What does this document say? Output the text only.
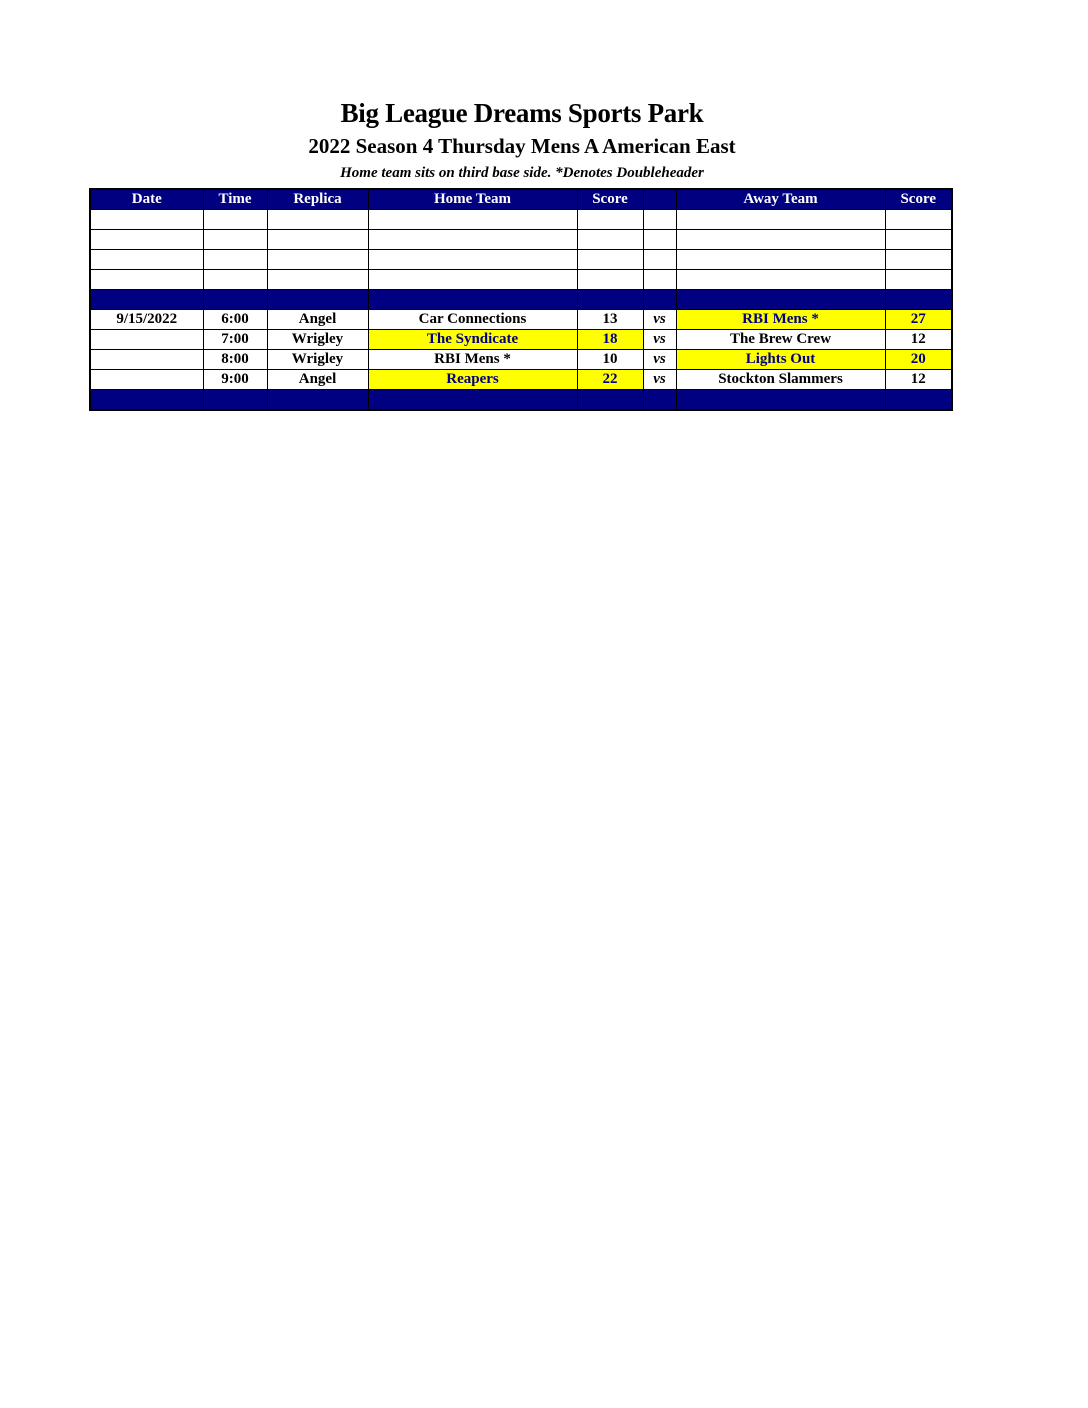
Big League Dreams Sports Park
2022 Season 4 Thursday Mens A American East
Home team sits on third base side. *Denotes Doubleheader
Date	Time	Replica	Home Team	Score		Away Team	Score

9/15/2022	6:00	Angel	Car Connections	13	vs	RBI Mens *	27
	7:00	Wrigley	The Syndicate	18	vs	The Brew Crew	12
	8:00	Wrigley	RBI Mens *	10	vs	Lights Out	20
	9:00	Angel	Reapers	22	vs	Stockton Slammers	12
